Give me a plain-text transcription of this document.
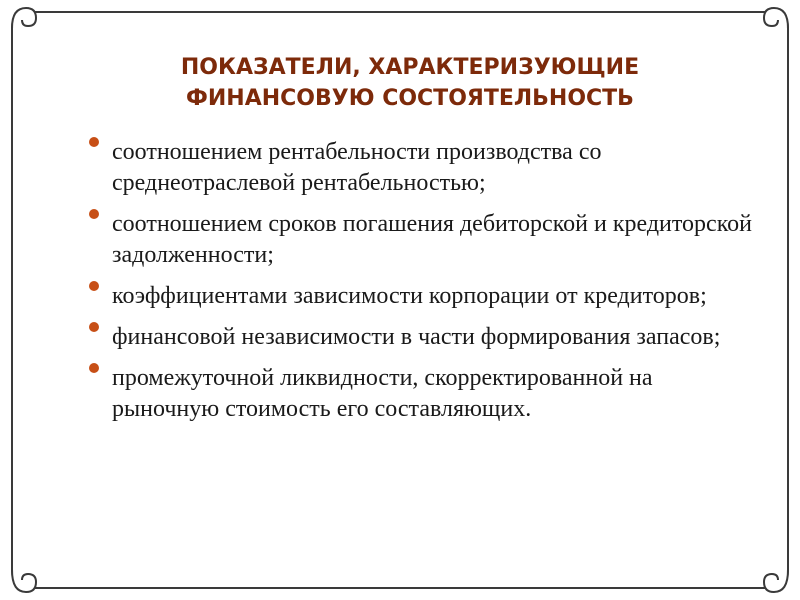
ПОКАЗАТЕЛИ, ХАРАКТЕРИЗУЮЩИЕ
ФИНАНСОВУЮ СОСТОЯТЕЛЬНОСТЬ
соотношением рентабельности производства со среднеотраслевой рентабельностью;
соотношением сроков погашения дебиторской и кредиторской задолженности;
коэффициентами зависимости корпорации от кредиторов;
финансовой независимости в части формирования запасов;
промежуточной ликвидности, скорректированной на рыночную стоимость его составляющих.
